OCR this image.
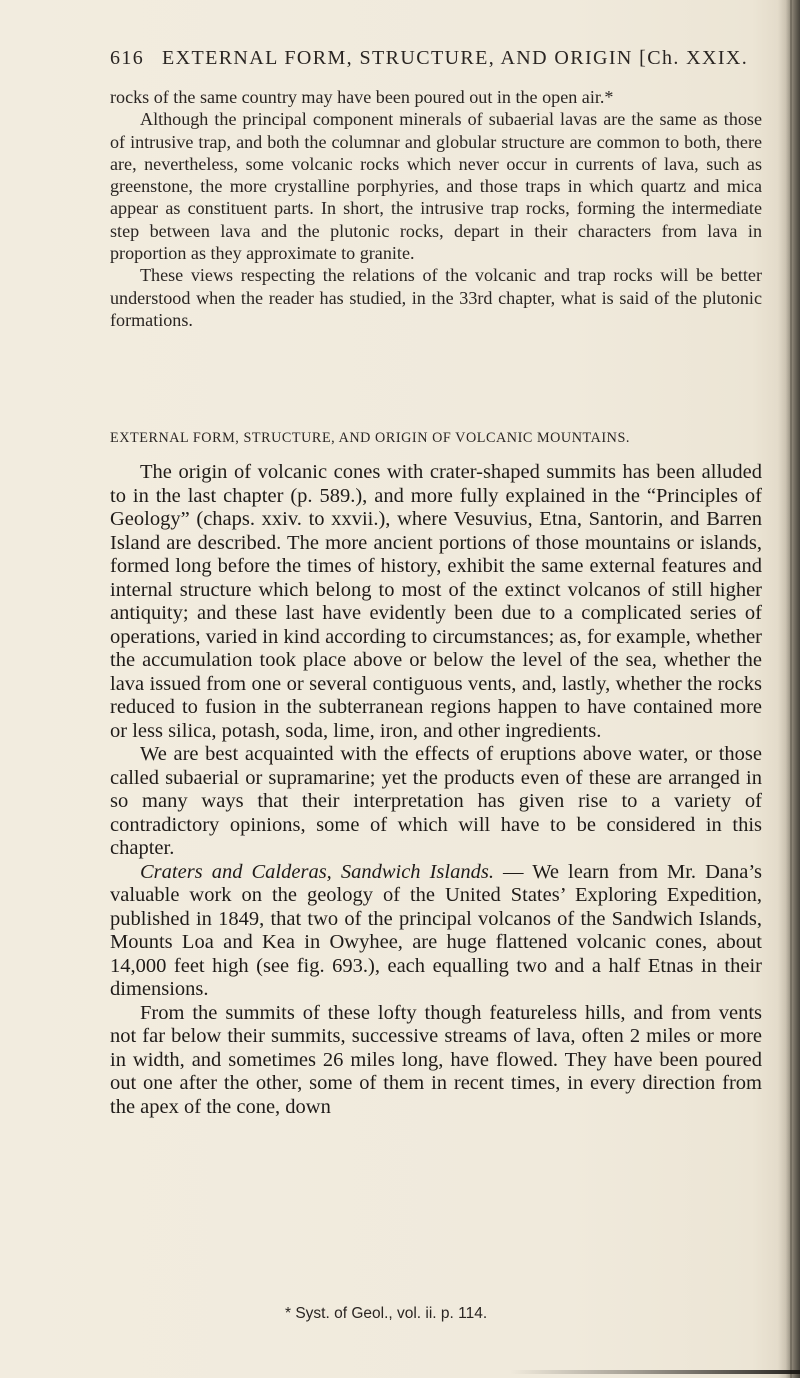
616 EXTERNAL FORM, STRUCTURE, AND ORIGIN [Ch. XXIX.

rocks of the same country may have been poured out in the open air.*

Although the principal component minerals of subaerial lavas are the same as those of intrusive trap, and both the columnar and globular structure are common to both, there are, nevertheless, some volcanic rocks which never occur in currents of lava, such as greenstone, the more crystalline porphyries, and those traps in which quartz and mica appear as constituent parts. In short, the intrusive trap rocks, forming the intermediate step between lava and the plutonic rocks, depart in their characters from lava in proportion as they approximate to granite.

These views respecting the relations of the volcanic and trap rocks will be better understood when the reader has studied, in the 33rd chapter, what is said of the plutonic formations.

EXTERNAL FORM, STRUCTURE, AND ORIGIN OF VOLCANIC MOUNTAINS.

The origin of volcanic cones with crater-shaped summits has been alluded to in the last chapter (p. 589.), and more fully explained in the “Principles of Geology” (chaps. xxiv. to xxvii.), where Vesuvius, Etna, Santorin, and Barren Island are described. The more ancient portions of those mountains or islands, formed long before the times of history, exhibit the same external features and internal structure which belong to most of the extinct volcanos of still higher antiquity; and these last have evidently been due to a complicated series of operations, varied in kind according to circumstances; as, for example, whether the accumulation took place above or below the level of the sea, whether the lava issued from one or several contiguous vents, and, lastly, whether the rocks reduced to fusion in the subterranean regions happen to have contained more or less silica, potash, soda, lime, iron, and other ingredients.

We are best acquainted with the effects of eruptions above water, or those called subaerial or supramarine; yet the products even of these are arranged in so many ways that their interpretation has given rise to a variety of contradictory opinions, some of which will have to be considered in this chapter.

Craters and Calderas, Sandwich Islands. — We learn from Mr. Dana’s valuable work on the geology of the United States’ Exploring Expedition, published in 1849, that two of the principal volcanos of the Sandwich Islands, Mounts Loa and Kea in Owyhee, are huge flattened volcanic cones, about 14,000 feet high (see fig. 693.), each equalling two and a half Etnas in their dimensions.

From the summits of these lofty though featureless hills, and from vents not far below their summits, successive streams of lava, often 2 miles or more in width, and sometimes 26 miles long, have flowed. They have been poured out one after the other, some of them in recent times, in every direction from the apex of the cone, down

* Syst. of Geol., vol. ii. p. 114.
